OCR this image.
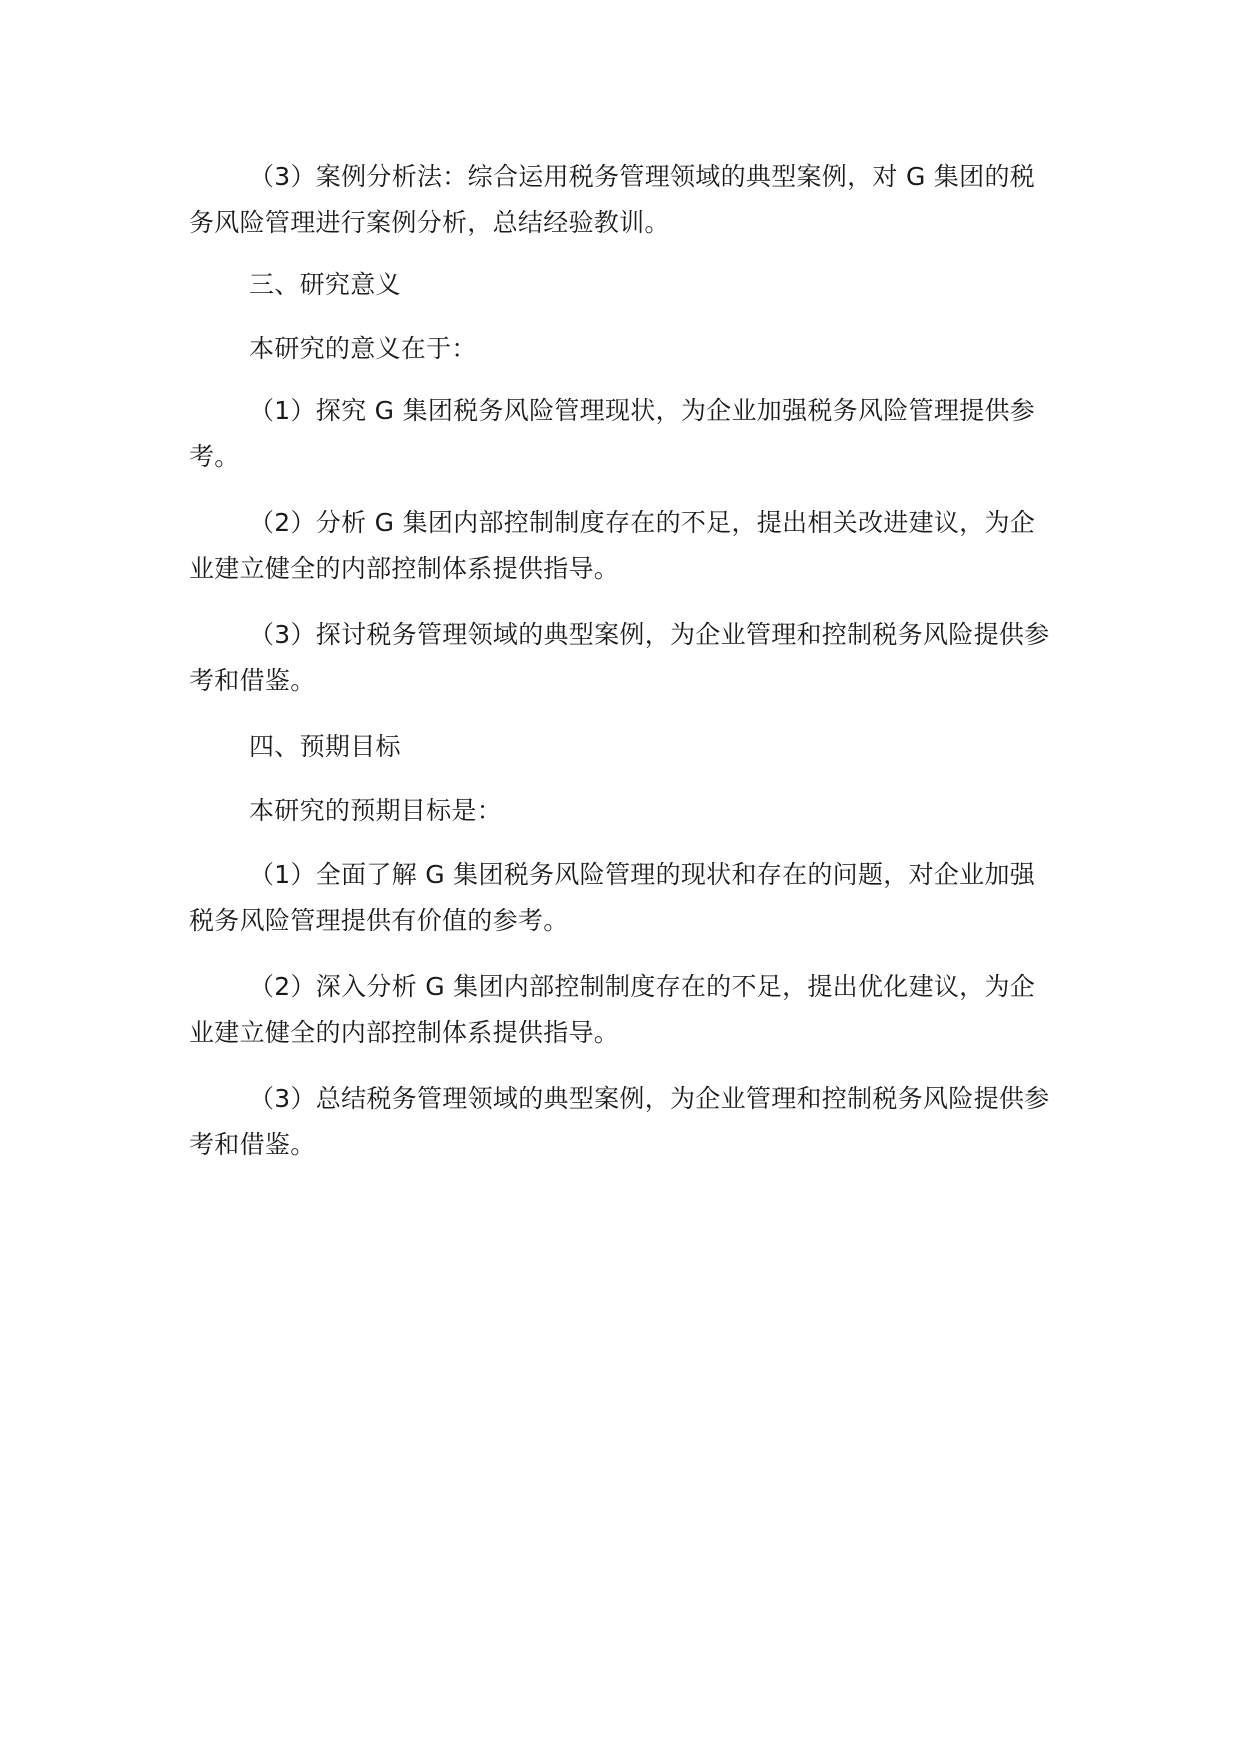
（3）案例分析法：综合运用税务管理领域的典型案例，对 G 集团的税务风险管理进行案例分析，总结经验教训。

三、研究意义

本研究的意义在于：

（1）探究 G 集团税务风险管理现状，为企业加强税务风险管理提供参考。

（2）分析 G 集团内部控制制度存在的不足，提出相关改进建议，为企业建立健全的内部控制体系提供指导。

（3）探讨税务管理领域的典型案例，为企业管理和控制税务风险提供参考和借鉴。

四、预期目标

本研究的预期目标是：

（1）全面了解 G 集团税务风险管理的现状和存在的问题，对企业加强税务风险管理提供有价值的参考。

（2）深入分析 G 集团内部控制制度存在的不足，提出优化建议，为企业建立健全的内部控制体系提供指导。

（3）总结税务管理领域的典型案例，为企业管理和控制税务风险提供参考和借鉴。
